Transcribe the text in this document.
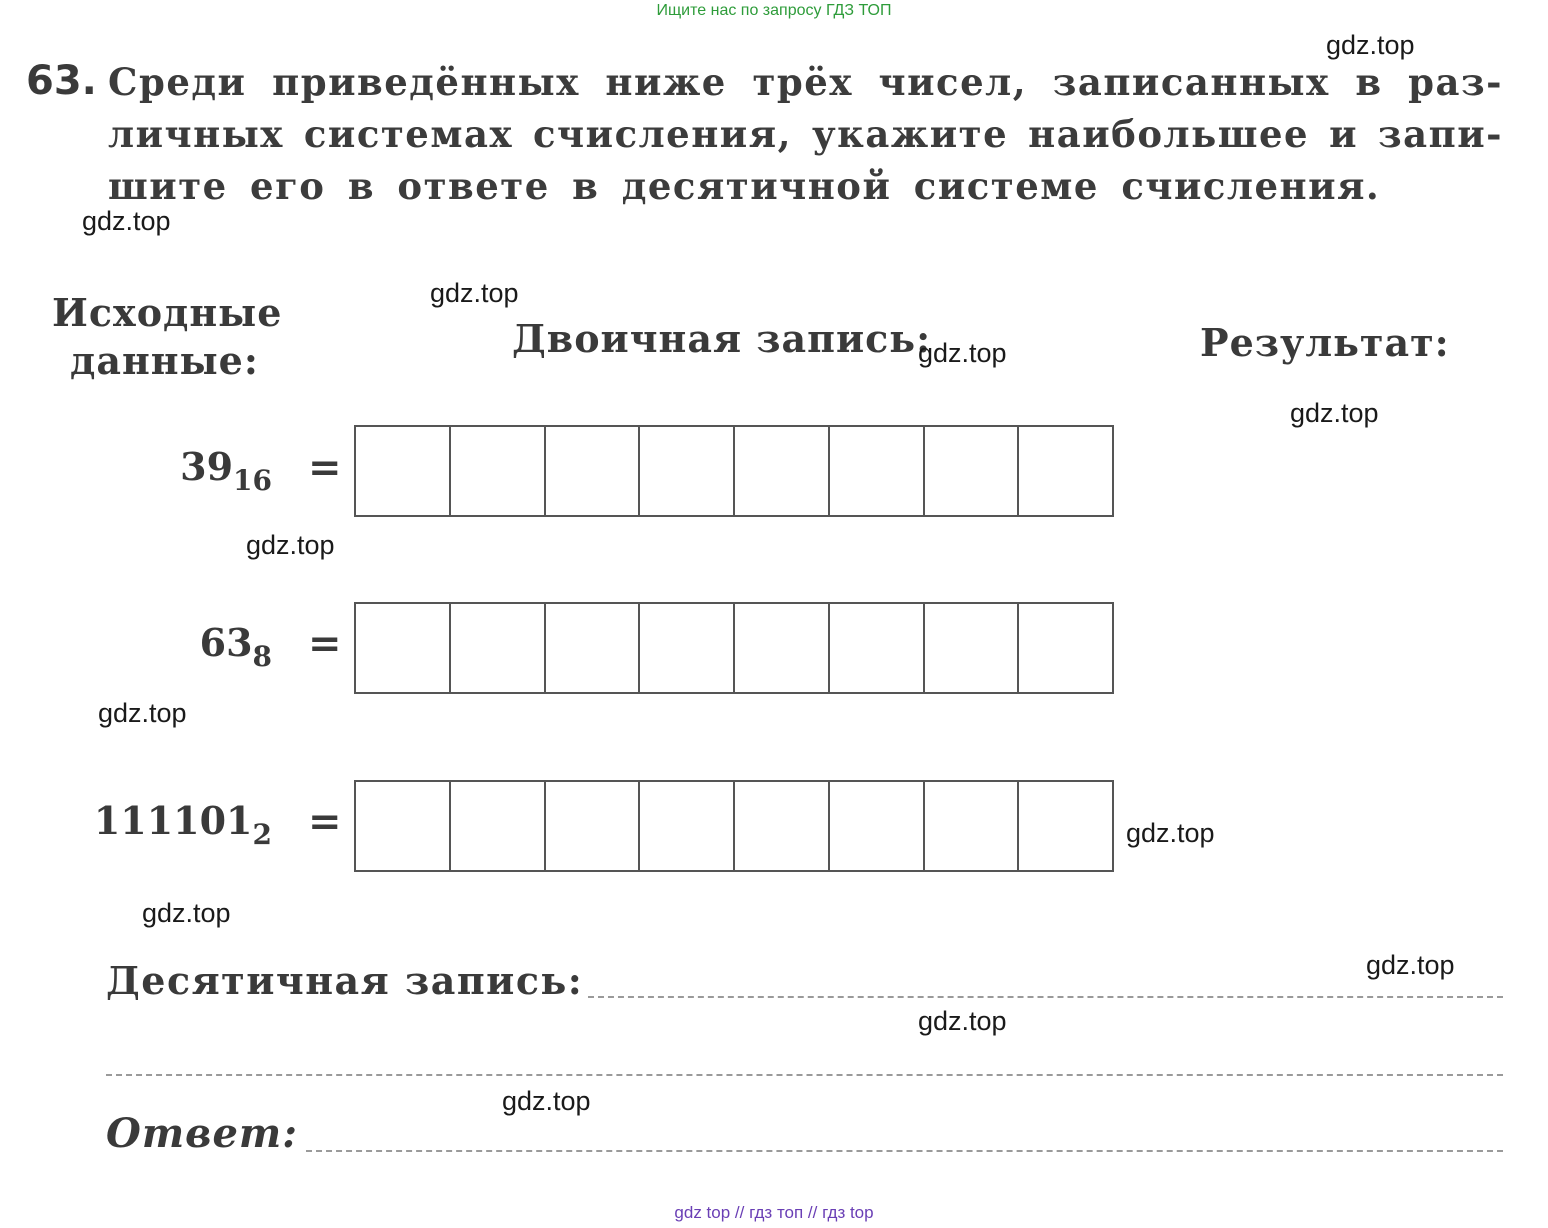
Ищите нас по запросу ГДЗ ТОП
63. Среди приведённых ниже трёх чисел, записанных в раз-
личных системах счисления, укажите наибольшее и запи-
шите его в ответе в десятичной системе счисления.
Исходные
данные:	Двоичная запись:	Результат:
$39_{16}$ =
$63_8$ =
$111101_2$ =
Десятичная запись:
Ответ:
gdz.top
gdz.top
gdz.top
gdz.top
gdz.top
gdz.top
gdz.top
gdz.top
gdz.top
gdz.top
gdz.top
gdz.top
gdz top // гдз топ // гдз top
